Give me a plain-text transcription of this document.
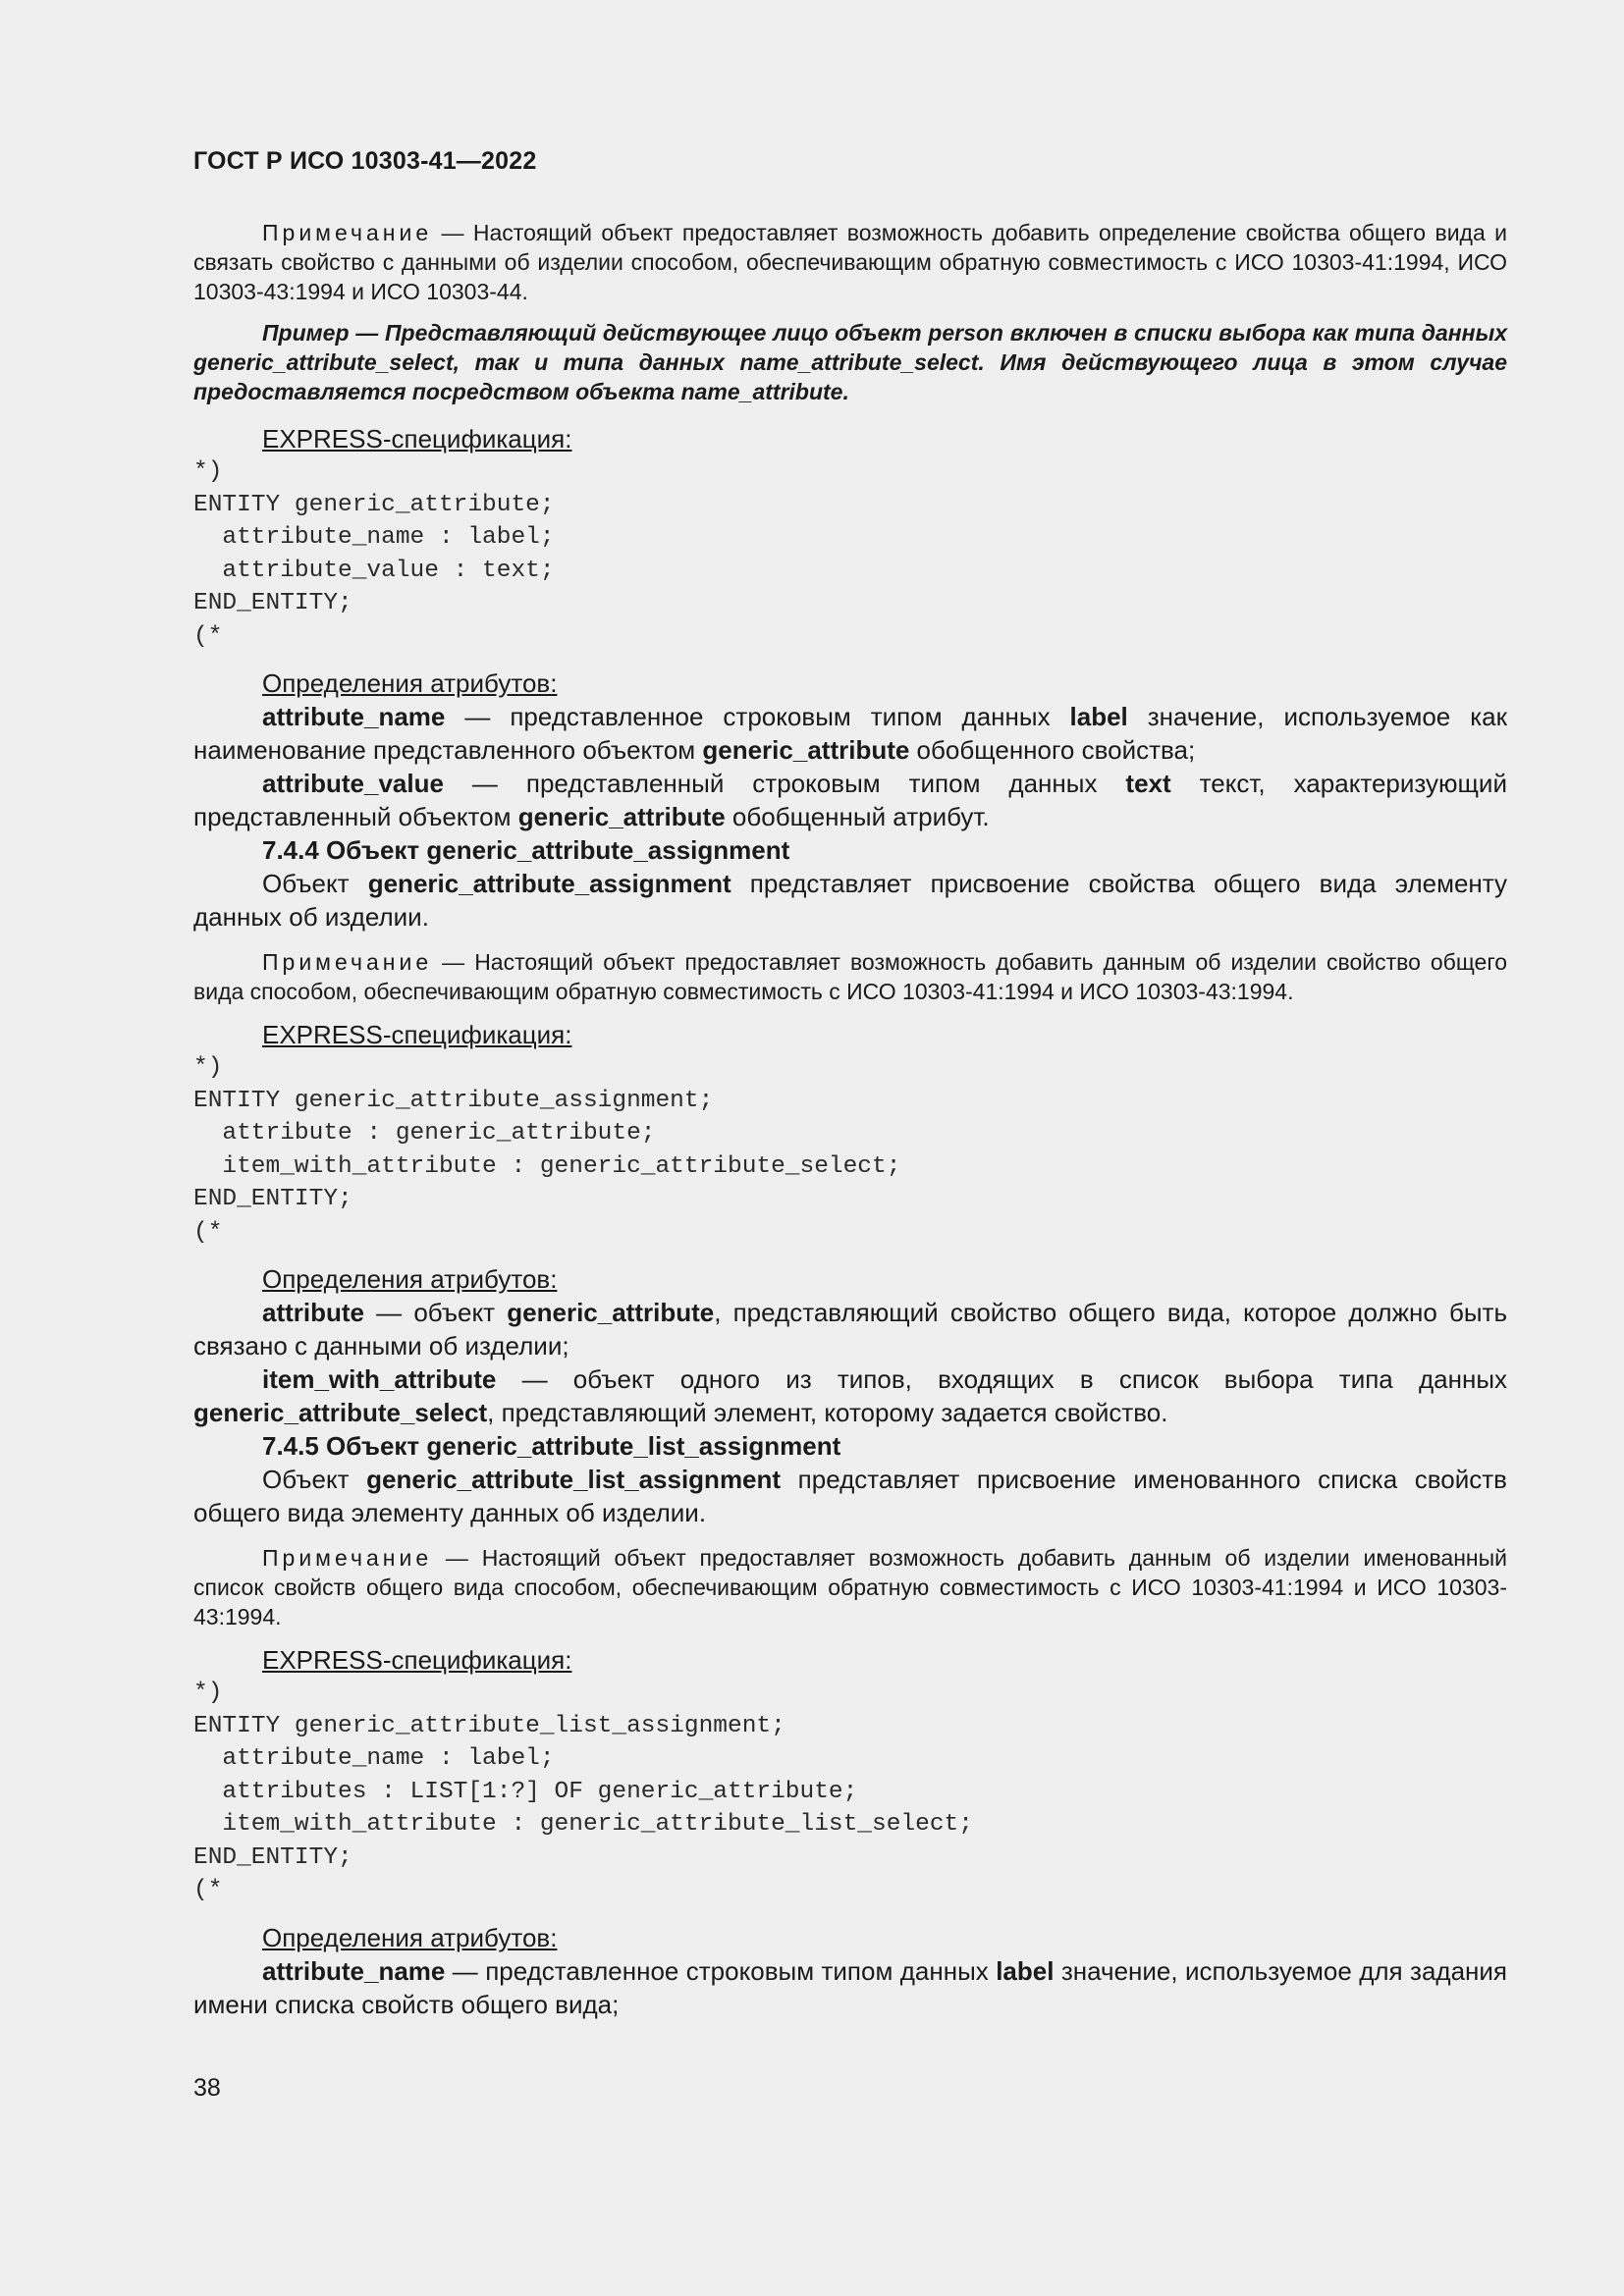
ГОСТ Р ИСО 10303-41—2022

Примечание — Настоящий объект предоставляет возможность добавить определение свойства общего вида и связать свойство с данными об изделии способом, обеспечивающим обратную совместимость с ИСО 10303-41:1994, ИСО 10303-43:1994 и ИСО 10303-44.

Пример — Представляющий действующее лицо объект person включен в списки выбора как типа данных generic_attribute_select, так и типа данных name_attribute_select. Имя действующего лица в этом случае предоставляется посредством объекта name_attribute.

EXPRESS-спецификация:

*)
ENTITY generic_attribute;
attribute_name : label;
attribute_value : text;
END_ENTITY;
(*

Определения атрибутов:

attribute_name — представленное строковым типом данных label значение, используемое как наименование представленного объектом generic_attribute обобщенного свойства;

attribute_value — представленный строковым типом данных text текст, характеризующий представленный объектом generic_attribute обобщенный атрибут.

7.4.4 Объект generic_attribute_assignment

Объект generic_attribute_assignment представляет присвоение свойства общего вида элементу данных об изделии.

Примечание — Настоящий объект предоставляет возможность добавить данным об изделии свойство общего вида способом, обеспечивающим обратную совместимость с ИСО 10303-41:1994 и ИСО 10303-43:1994.

EXPRESS-спецификация:

*)
ENTITY generic_attribute_assignment;
attribute : generic_attribute;
item_with_attribute : generic_attribute_select;
END_ENTITY;
(*

Определения атрибутов:

attribute — объект generic_attribute, представляющий свойство общего вида, которое должно быть связано с данными об изделии;

item_with_attribute — объект одного из типов, входящих в список выбора типа данных generic_attribute_select, представляющий элемент, которому задается свойство.

7.4.5 Объект generic_attribute_list_assignment

Объект generic_attribute_list_assignment представляет присвоение именованного списка свойств общего вида элементу данных об изделии.

Примечание — Настоящий объект предоставляет возможность добавить данным об изделии именованный список свойств общего вида способом, обеспечивающим обратную совместимость с ИСО 10303-41:1994 и ИСО 10303-43:1994.

EXPRESS-спецификация:

*)
ENTITY generic_attribute_list_assignment;
attribute_name : label;
attributes : LIST[1:?] OF generic_attribute;
item_with_attribute : generic_attribute_list_select;
END_ENTITY;
(*

Определения атрибутов:

attribute_name — представленное строковым типом данных label значение, используемое для задания имени списка свойств общего вида;

38
